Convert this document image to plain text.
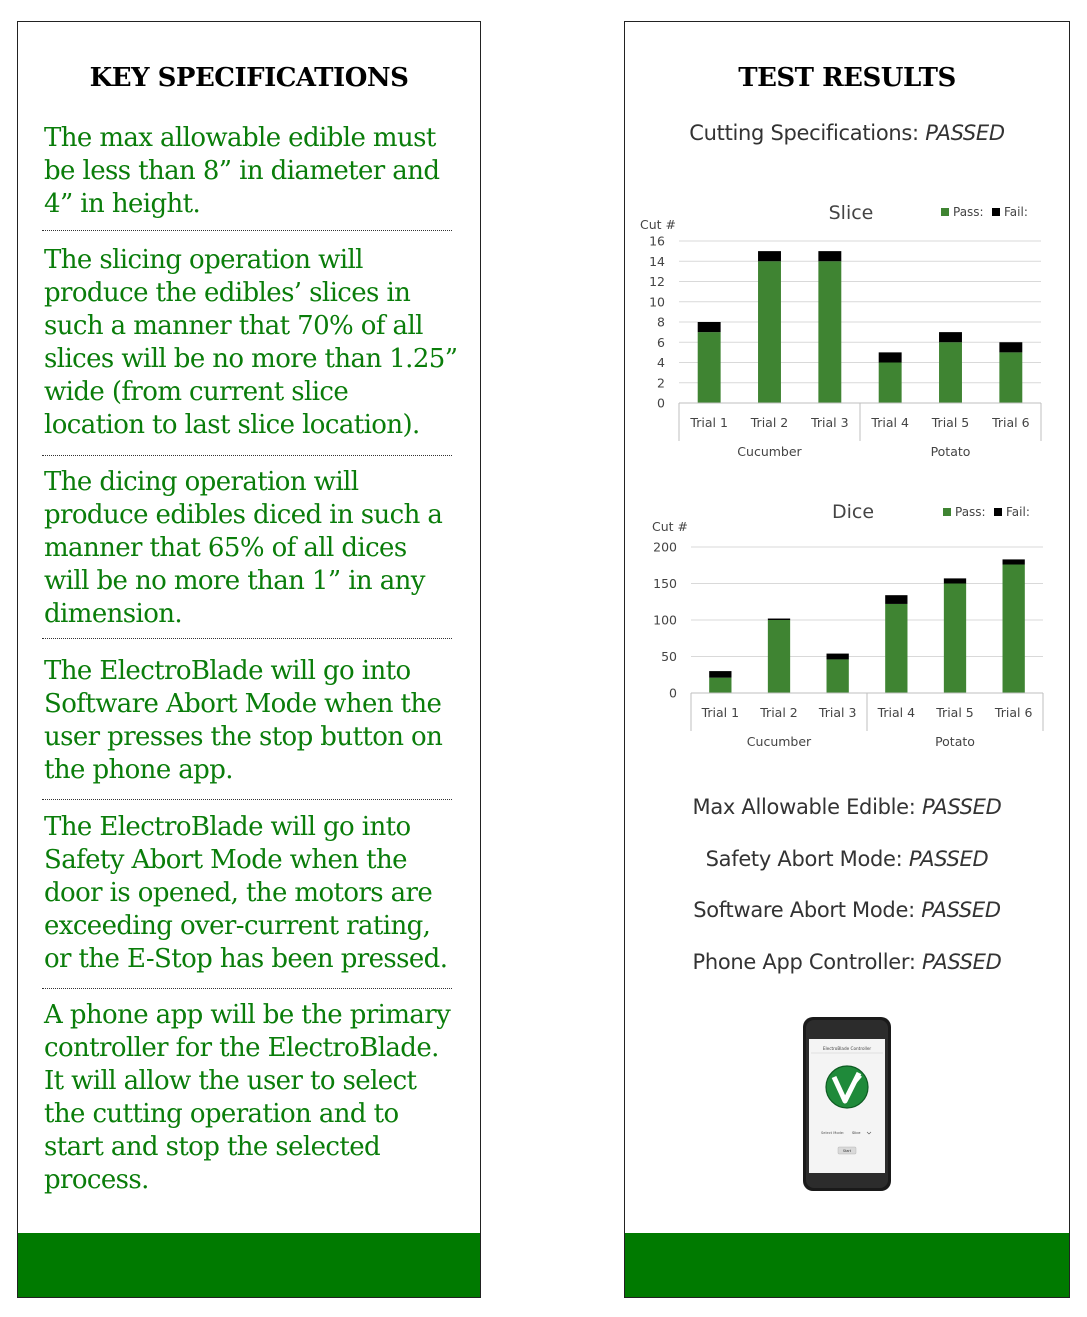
KEY SPECIFICATIONS
The max allowable edible must
be less than 8” in diameter and
4” in height.
The slicing operation will
produce the edibles’ slices in
such a manner that 70% of all
slices will be no more than 1.25”
wide (from current slice
location to last slice location).
The dicing operation will
produce edibles diced in such a
manner that 65% of all dices
will be no more than 1” in any
dimension.
The ElectroBlade will go into
Software Abort Mode when the
user presses the stop button on
the phone app.
The ElectroBlade will go into
Safety Abort Mode when the
door is opened, the motors are
exceeding over-current rating,
or the E-Stop has been pressed.
A phone app will be the primary
controller for the ElectroBlade.
It will allow the user to select
the cutting operation and to
start and stop the selected
process.
TEST RESULTS
Cutting Specifications: PASSED
Slice
Cut #
Pass: Fail:
0
2
4
6
8
10
12
14
16
Trial 1 Trial 2 Trial 3 Trial 4 Trial 5 Trial 6
Cucumber	Potato
Dice
Cut #
Pass: Fail:
0
50
100
150
200
Trial 1 Trial 2 Trial 3 Trial 4 Trial 5 Trial 6
Cucumber	Potato
Max Allowable Edible: PASSED
Safety Abort Mode: PASSED
Software Abort Mode: PASSED
Phone App Controller: PASSED
ElectroBlade Controller
Select Mode: Slice
Start
